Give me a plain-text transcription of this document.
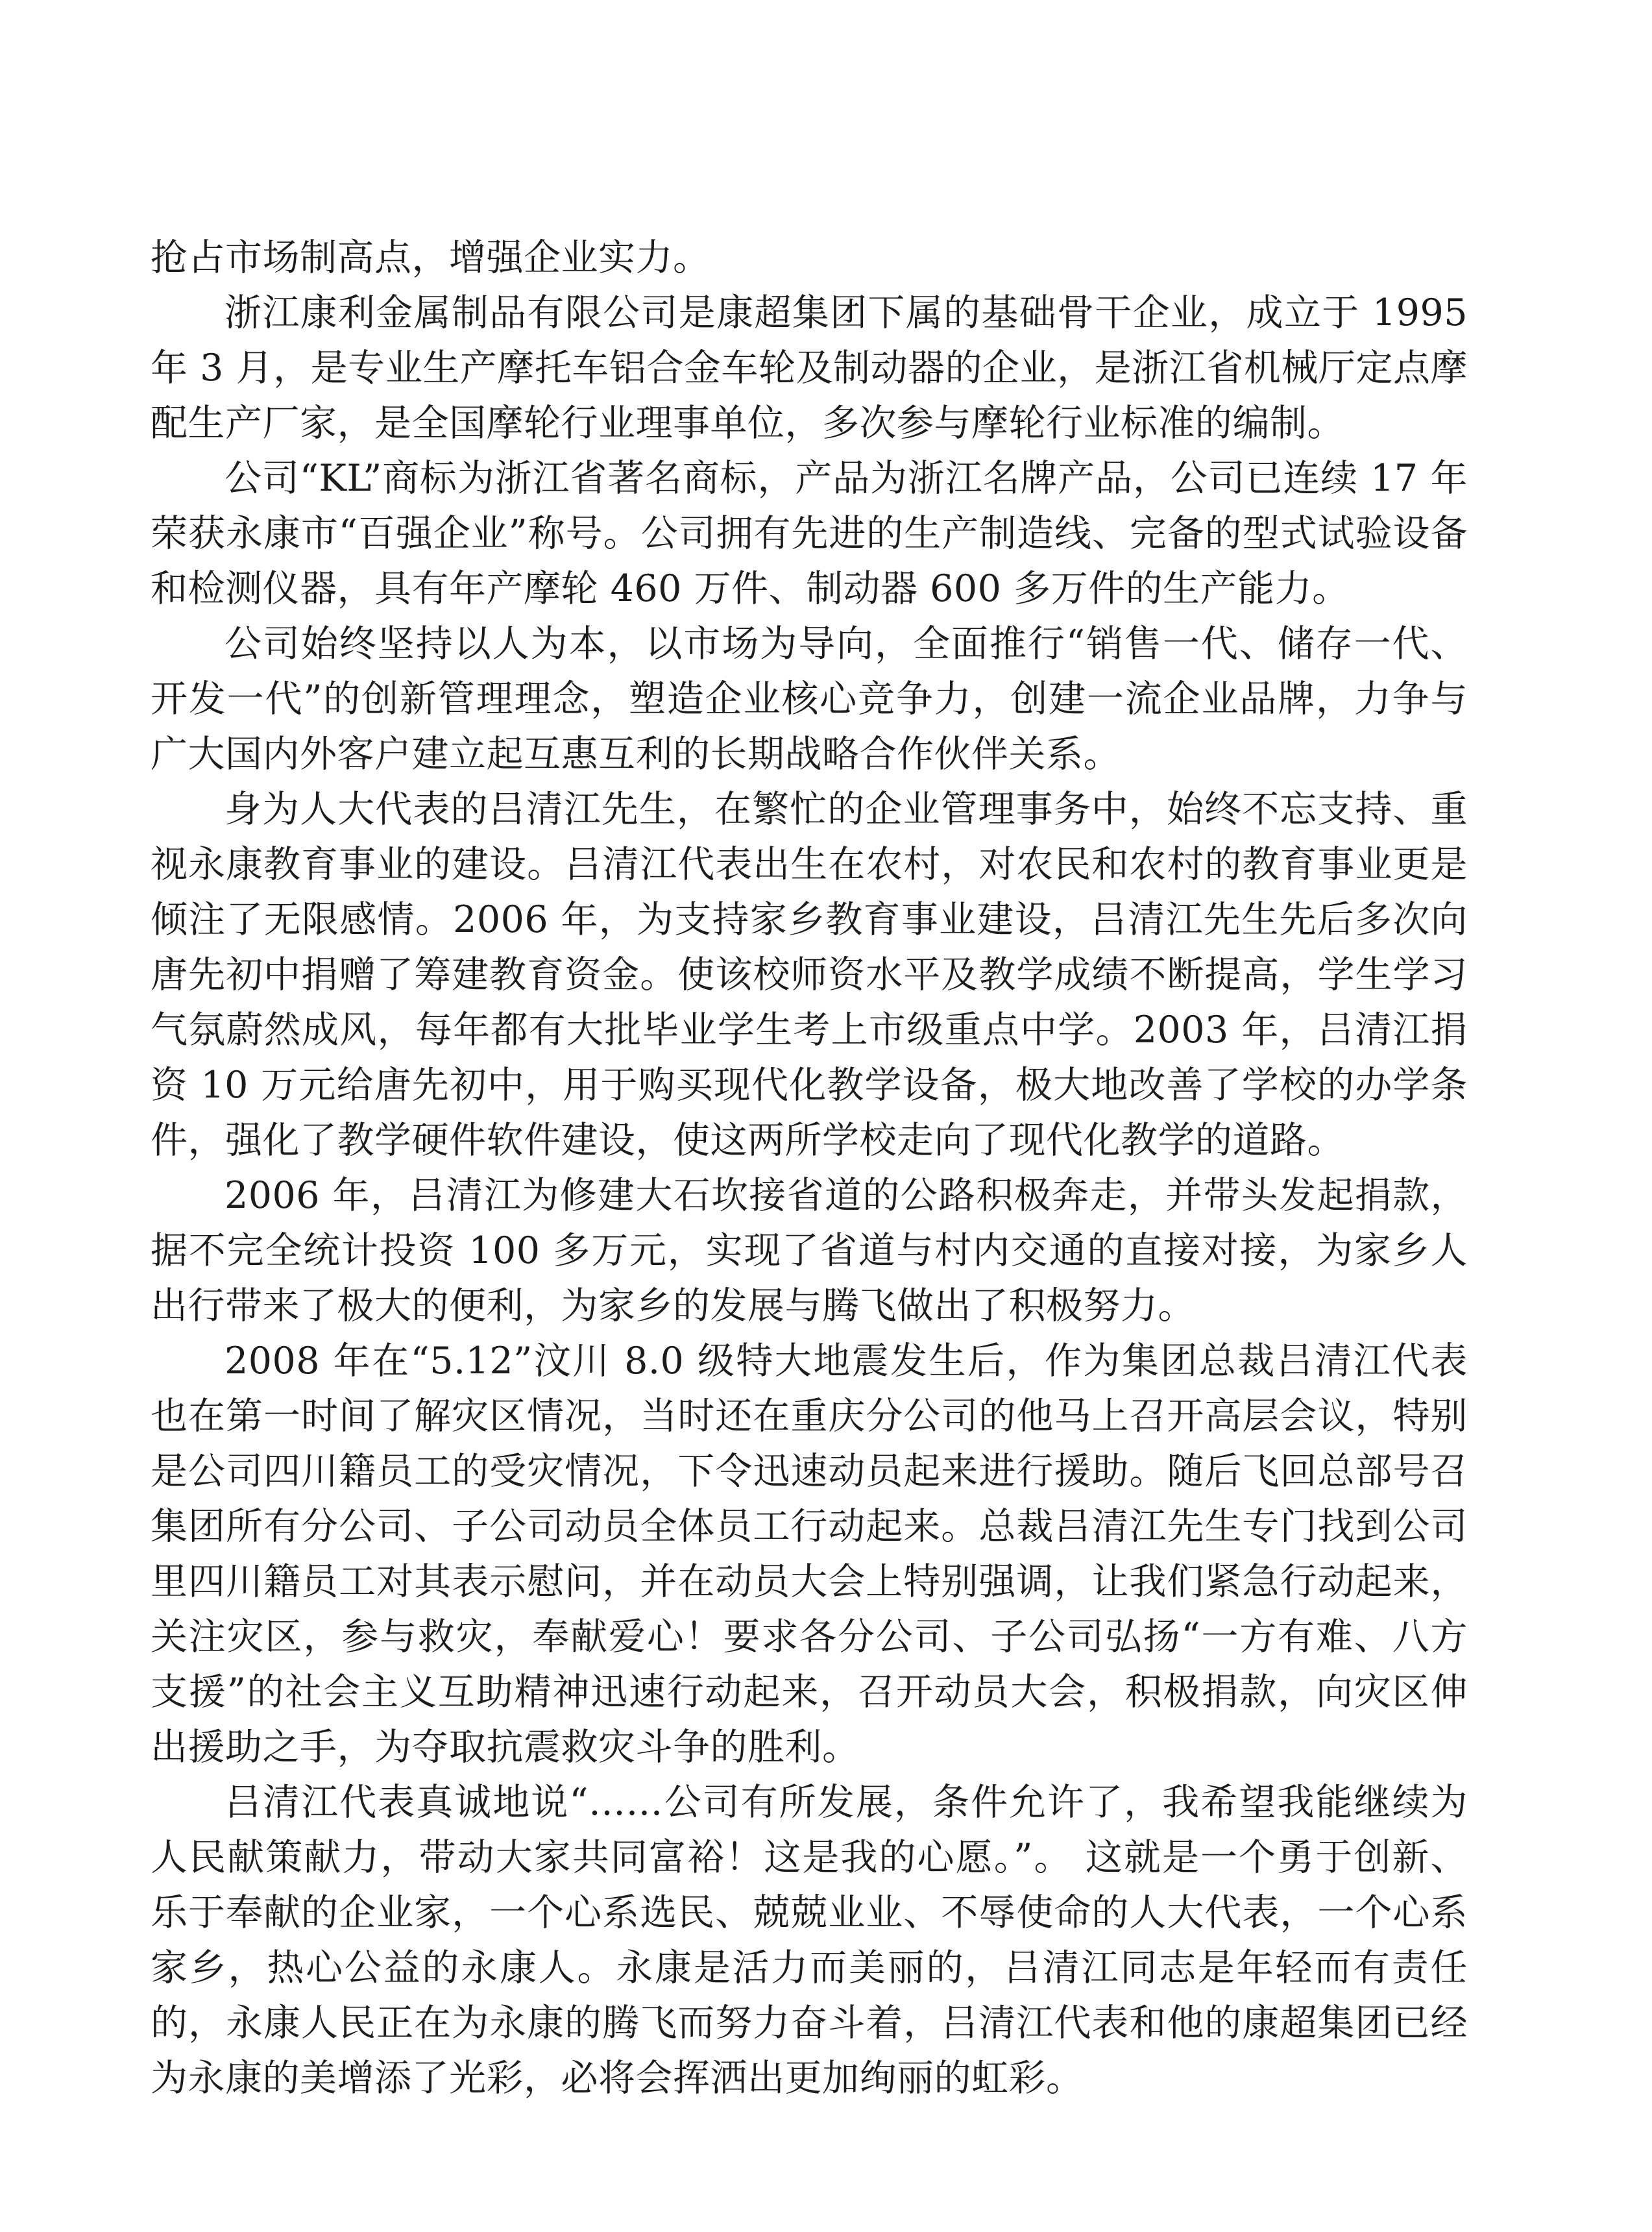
抢占市场制高点，增强企业实力。

浙江康利金属制品有限公司是康超集团下属的基础骨干企业，成立于 1995 年 3 月，是专业生产摩托车铝合金车轮及制动器的企业，是浙江省机械厅定点摩配生产厂家，是全国摩轮行业理事单位，多次参与摩轮行业标准的编制。

公司“KL”商标为浙江省著名商标，产品为浙江名牌产品，公司已连续 17 年荣获永康市“百强企业”称号。公司拥有先进的生产制造线、完备的型式试验设备和检测仪器，具有年产摩轮 460 万件、制动器 600 多万件的生产能力。

公司始终坚持以人为本，以市场为导向，全面推行“销售一代、储存一代、开发一代”的创新管理理念，塑造企业核心竞争力，创建一流企业品牌，力争与广大国内外客户建立起互惠互利的长期战略合作伙伴关系。

身为人大代表的吕清江先生，在繁忙的企业管理事务中，始终不忘支持、重视永康教育事业的建设。吕清江代表出生在农村，对农民和农村的教育事业更是倾注了无限感情。2006 年，为支持家乡教育事业建设，吕清江先生先后多次向唐先初中捐赠了筹建教育资金。使该校师资水平及教学成绩不断提高，学生学习气氛蔚然成风，每年都有大批毕业学生考上市级重点中学。2003 年，吕清江捐资 10 万元给唐先初中，用于购买现代化教学设备，极大地改善了学校的办学条件，强化了教学硬件软件建设，使这两所学校走向了现代化教学的道路。

2006 年，吕清江为修建大石坎接省道的公路积极奔走，并带头发起捐款，据不完全统计投资 100 多万元，实现了省道与村内交通的直接对接，为家乡人出行带来了极大的便利，为家乡的发展与腾飞做出了积极努力。

2008 年在“5.12”汶川 8.0 级特大地震发生后，作为集团总裁吕清江代表也在第一时间了解灾区情况，当时还在重庆分公司的他马上召开高层会议，特别是公司四川籍员工的受灾情况，下令迅速动员起来进行援助。随后飞回总部号召集团所有分公司、子公司动员全体员工行动起来。总裁吕清江先生专门找到公司里四川籍员工对其表示慰问，并在动员大会上特别强调，让我们紧急行动起来，关注灾区，参与救灾，奉献爱心！要求各分公司、子公司弘扬“一方有难、八方支援”的社会主义互助精神迅速行动起来，召开动员大会，积极捐款，向灾区伸出援助之手，为夺取抗震救灾斗争的胜利。

吕清江代表真诚地说“……公司有所发展，条件允许了，我希望我能继续为人民献策献力，带动大家共同富裕！这是我的心愿。”。 这就是一个勇于创新、乐于奉献的企业家，一个心系选民、兢兢业业、不辱使命的人大代表，一个心系家乡，热心公益的永康人。永康是活力而美丽的，吕清江同志是年轻而有责任的，永康人民正在为永康的腾飞而努力奋斗着，吕清江代表和他的康超集团已经为永康的美增添了光彩，必将会挥洒出更加绚丽的虹彩。
